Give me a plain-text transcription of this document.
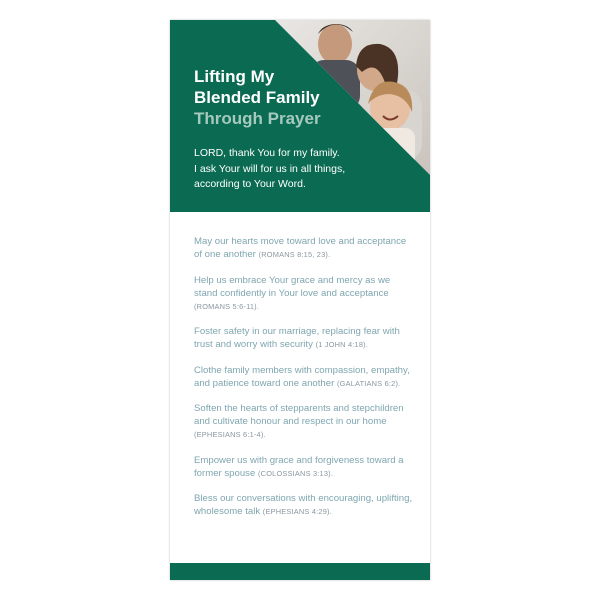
Lifting My
Blended Family
Through Prayer

LORD, thank You for my family.
I ask Your will for us in all things,
according to Your Word.

May our hearts move toward love and acceptance of one another (ROMANS 8:15, 23).
Help us embrace Your grace and mercy as we stand confidently in Your love and acceptance (ROMANS 5:6-11).
Foster safety in our marriage, replacing fear with trust and worry with security (1 JOHN 4:18).
Clothe family members with compassion, empathy, and patience toward one another (GALATIANS 6:2).
Soften the hearts of stepparents and stepchildren and cultivate honour and respect in our home (EPHESIANS 6:1-4).
Empower us with grace and forgiveness toward a former spouse (COLOSSIANS 3:13).
Bless our conversations with encouraging, uplifting, wholesome talk (EPHESIANS 4:29).
